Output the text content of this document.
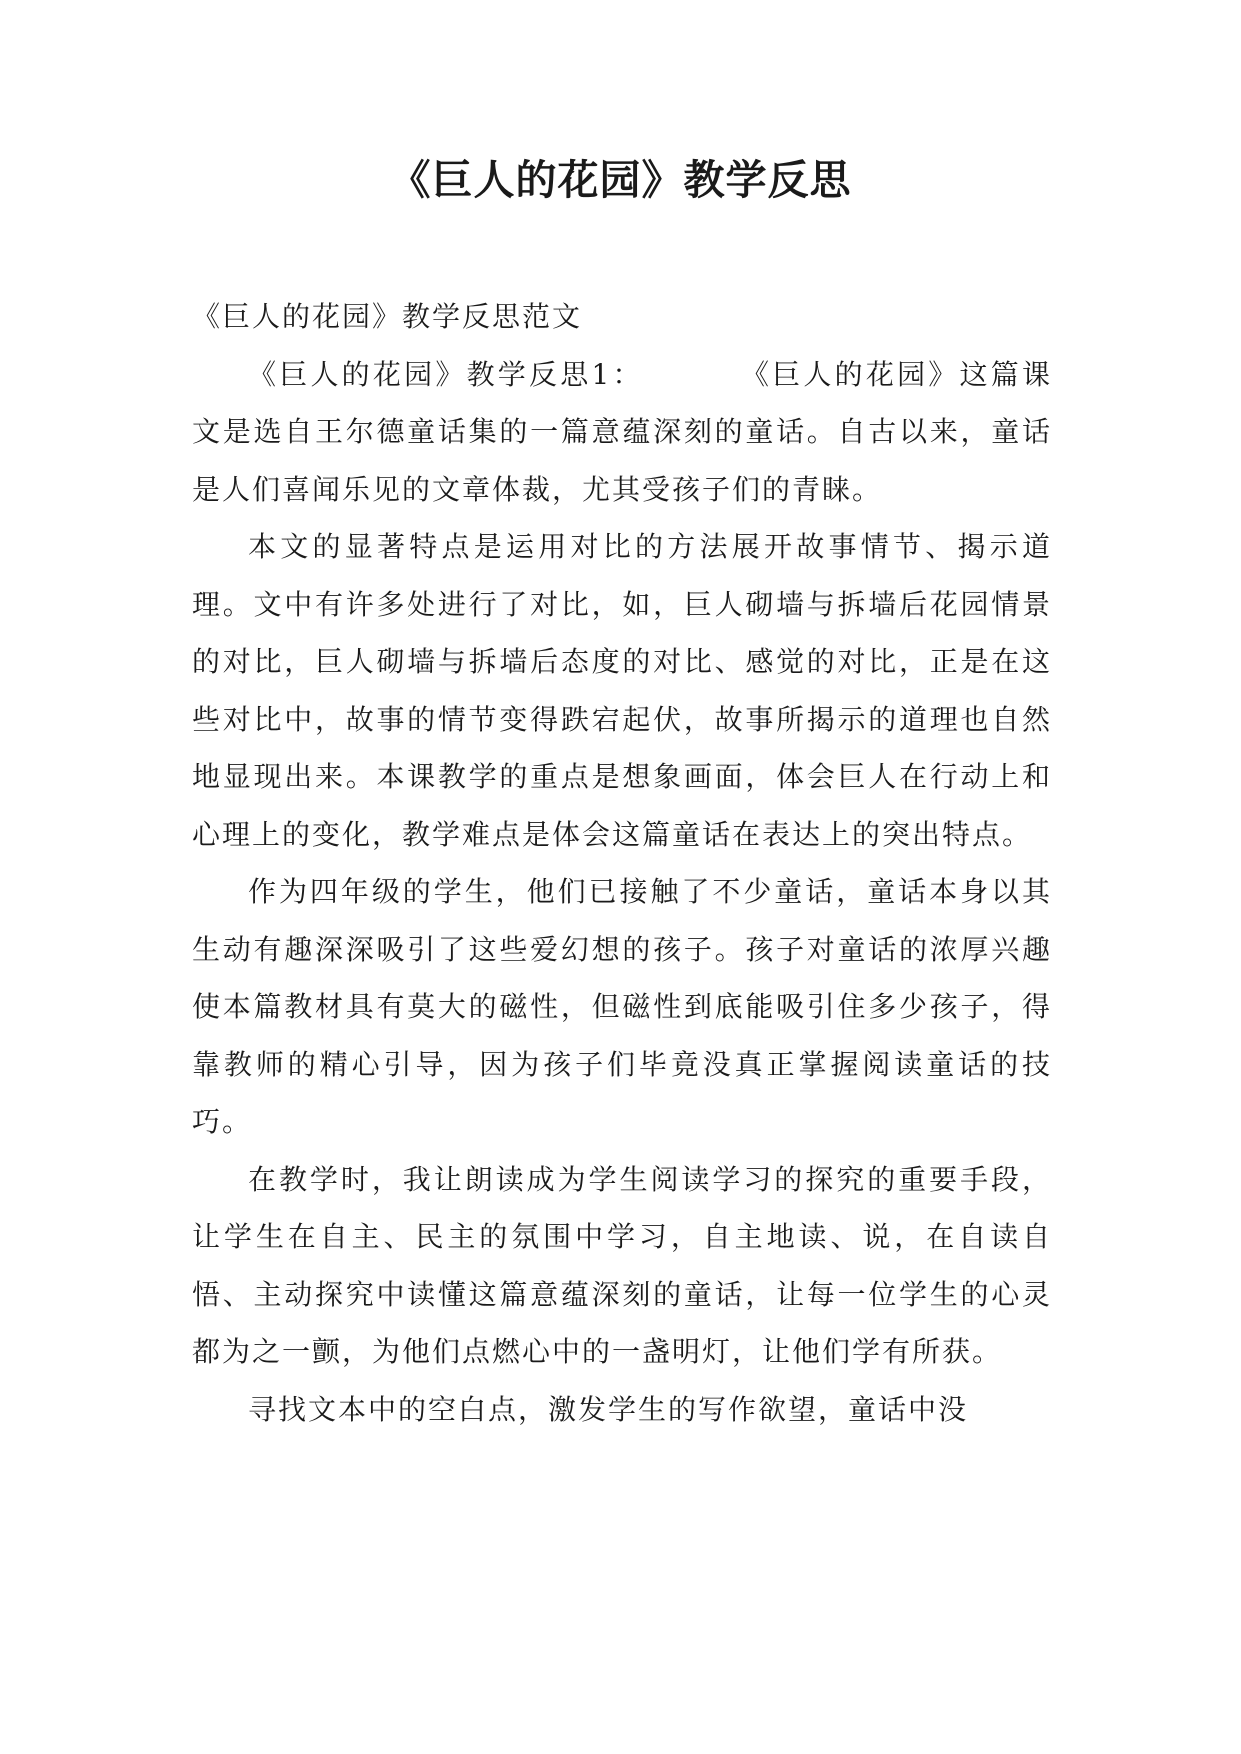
《巨人的花园》教学反思

《巨人的花园》教学反思范文

《巨人的花园》教学反思1：	《巨人的花园》这篇课文是选自王尔德童话集的一篇意蕴深刻的童话。自古以来，童话是人们喜闻乐见的文章体裁，尤其受孩子们的青睐。

本文的显著特点是运用对比的方法展开故事情节、揭示道理。文中有许多处进行了对比，如，巨人砌墙与拆墙后花园情景的对比，巨人砌墙与拆墙后态度的对比、感觉的对比，正是在这些对比中，故事的情节变得跌宕起伏，故事所揭示的道理也自然地显现出来。本课教学的重点是想象画面，体会巨人在行动上和心理上的变化，教学难点是体会这篇童话在表达上的突出特点。

作为四年级的学生，他们已接触了不少童话，童话本身以其生动有趣深深吸引了这些爱幻想的孩子。孩子对童话的浓厚兴趣使本篇教材具有莫大的磁性，但磁性到底能吸引住多少孩子，得靠教师的精心引导，因为孩子们毕竟没真正掌握阅读童话的技巧。

在教学时，我让朗读成为学生阅读学习的探究的重要手段，让学生在自主、民主的氛围中学习，自主地读、说，在自读自悟、主动探究中读懂这篇意蕴深刻的童话，让每一位学生的心灵都为之一颤，为他们点燃心中的一盏明灯，让他们学有所获。

寻找文本中的空白点，激发学生的写作欲望，童话中没
